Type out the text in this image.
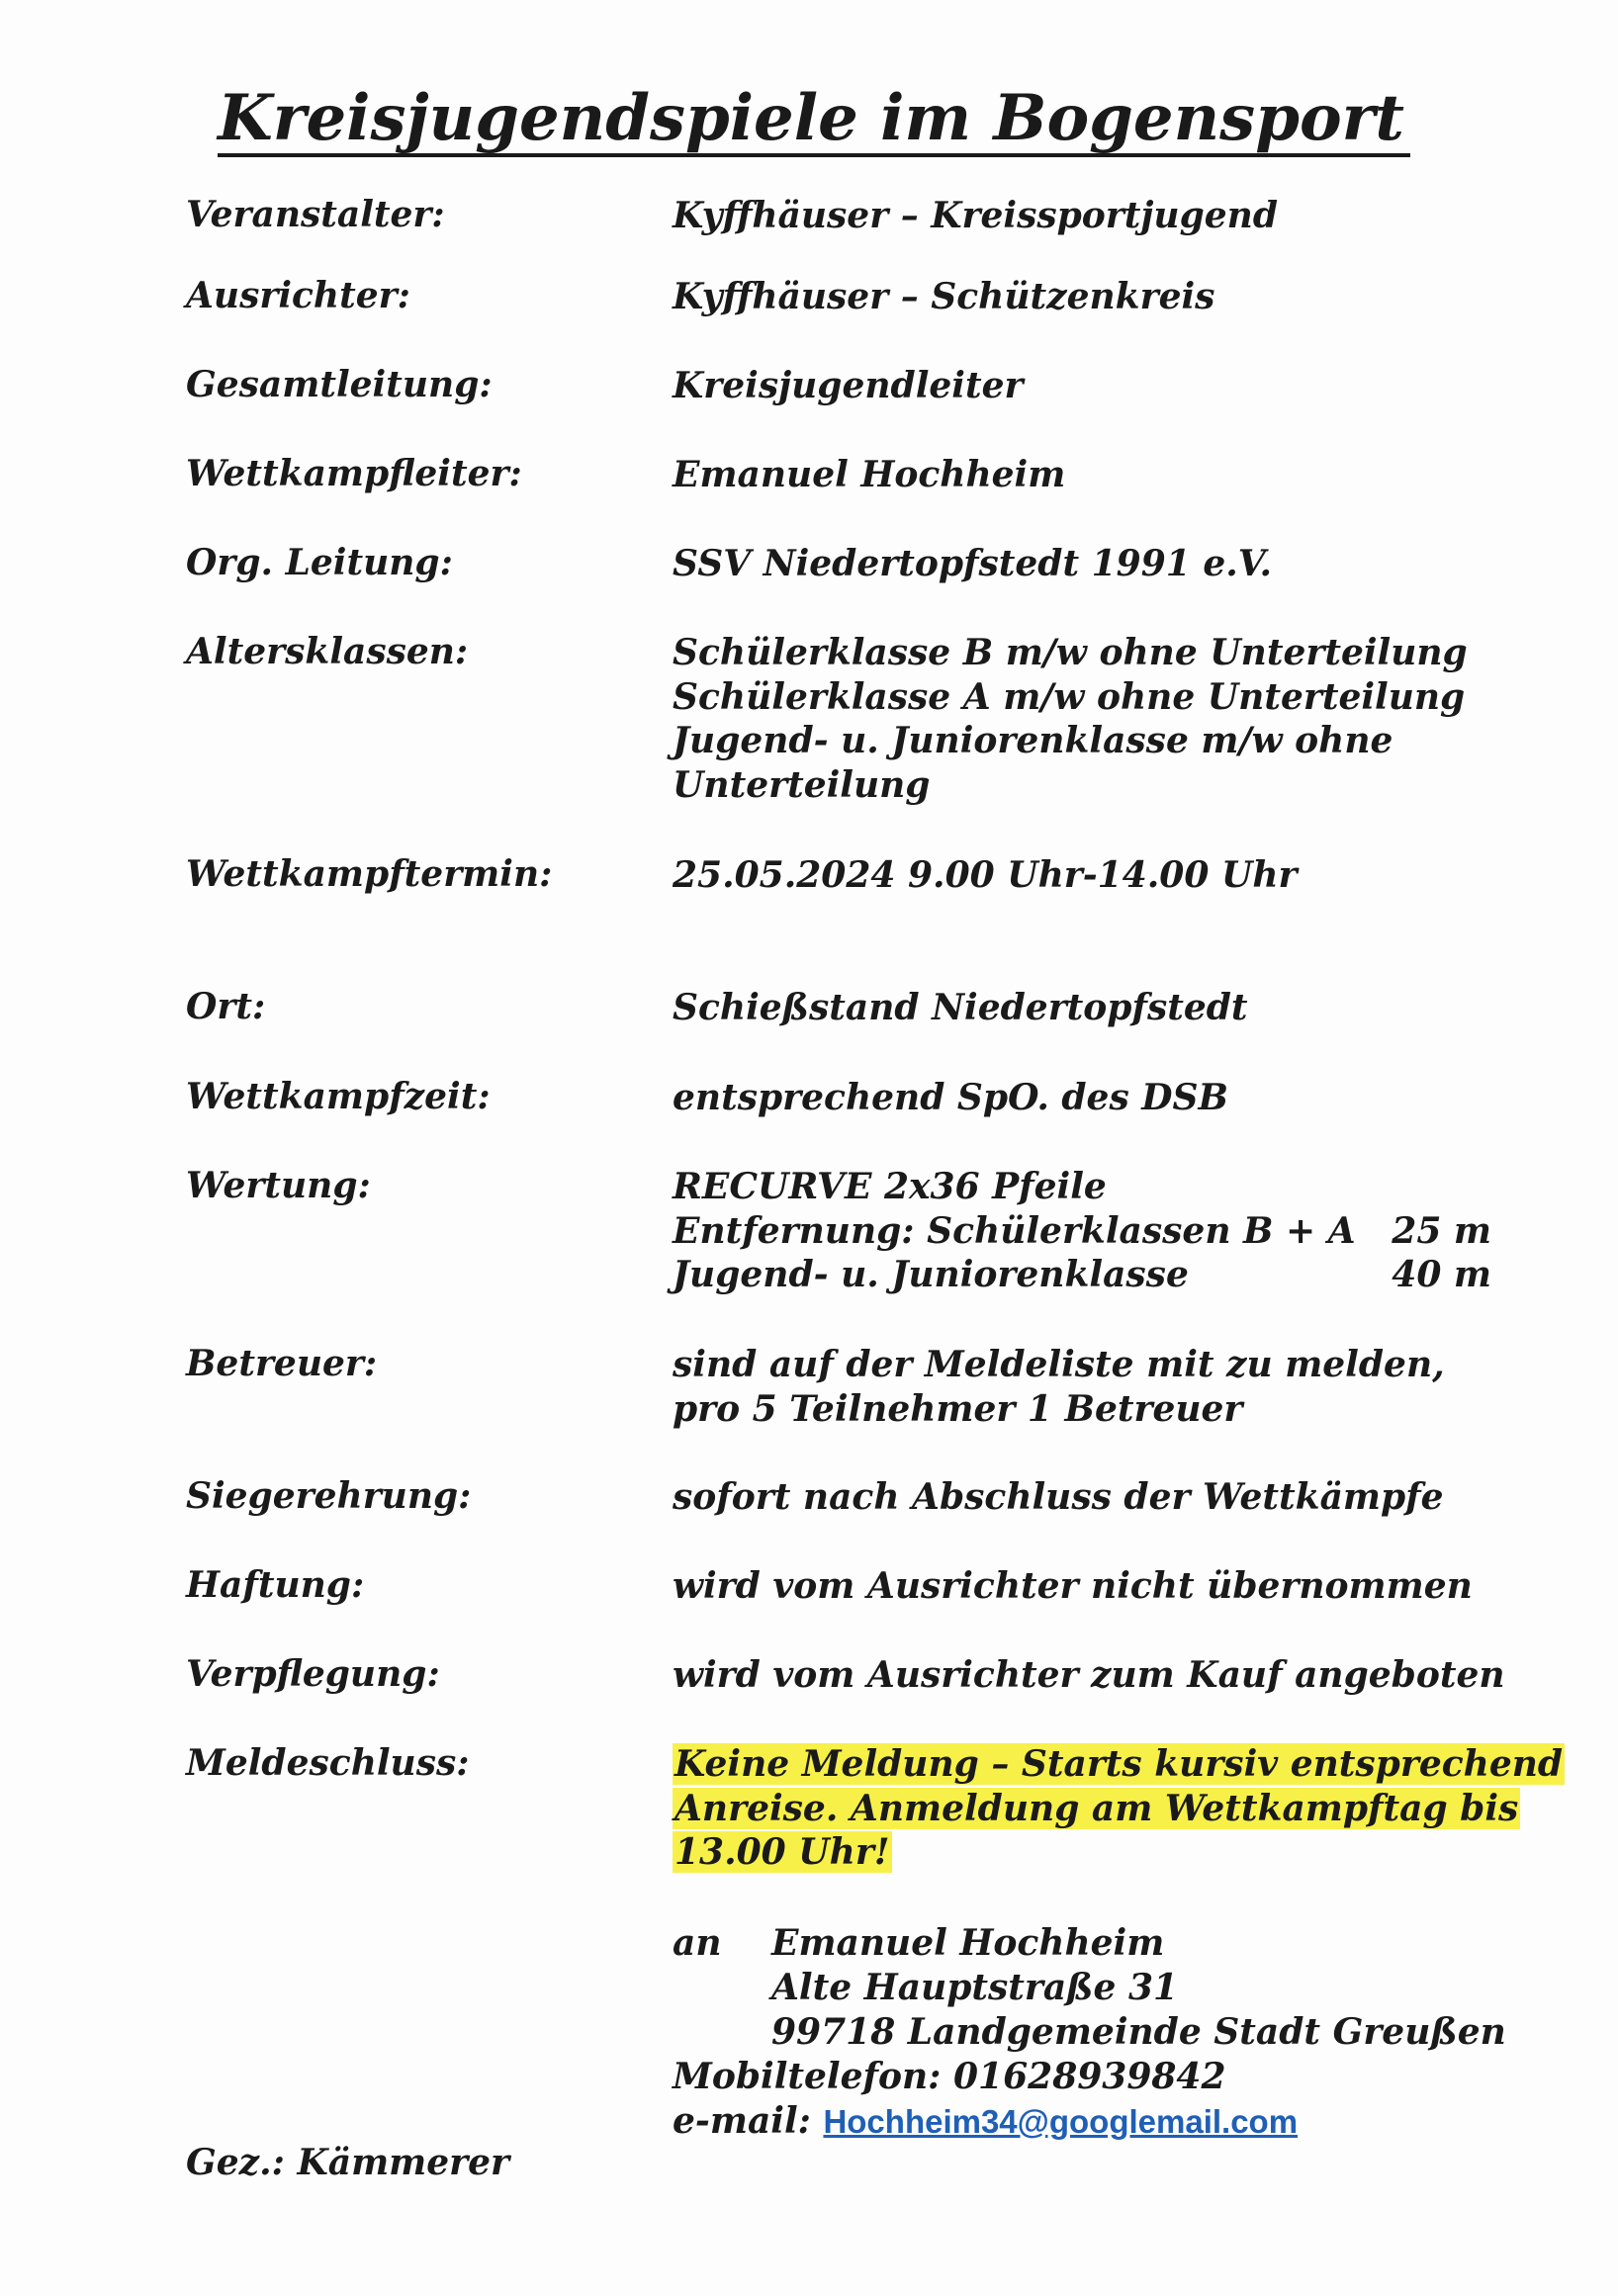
Kreisjugendspiele im Bogensport
Veranstalter:	Kyffhäuser – Kreissportjugend
Ausrichter:	Kyffhäuser – Schützenkreis
Gesamtleitung:	Kreisjugendleiter
Wettkampfleiter:	Emanuel Hochheim
Org. Leitung:	SSV Niedertopfstedt 1991 e.V.
Altersklassen:	Schülerklasse B m/w ohne Unterteilung
Schülerklasse A m/w ohne Unterteilung
Jugend- u. Juniorenklasse m/w ohne
Unterteilung
Wettkampftermin:	25.05.2024 9.00 Uhr-14.00 Uhr
Ort:	Schießstand Niedertopfstedt
Wettkampfzeit:	entsprechend SpO. des DSB
Wertung:	RECURVE 2x36 Pfeile
Entfernung: Schülerklassen B + A 25 m
Jugend- u. Juniorenklasse	40 m
Betreuer:	sind auf der Meldeliste mit zu melden,
pro 5 Teilnehmer 1 Betreuer
Siegerehrung:	sofort nach Abschluss der Wettkämpfe
Haftung:	wird vom Ausrichter nicht übernommen
Verpflegung:	wird vom Ausrichter zum Kauf angeboten
Meldeschluss:	Keine Meldung – Starts kursiv entsprechend
Anreise. Anmeldung am Wettkampftag bis
13.00 Uhr!
an	Emanuel Hochheim
Alte Hauptstraße 31
99718 Landgemeinde Stadt Greußen
Mobiltelefon: 01628939842
e-mail: Hochheim34@googlemail.com
Gez.: Kämmerer
